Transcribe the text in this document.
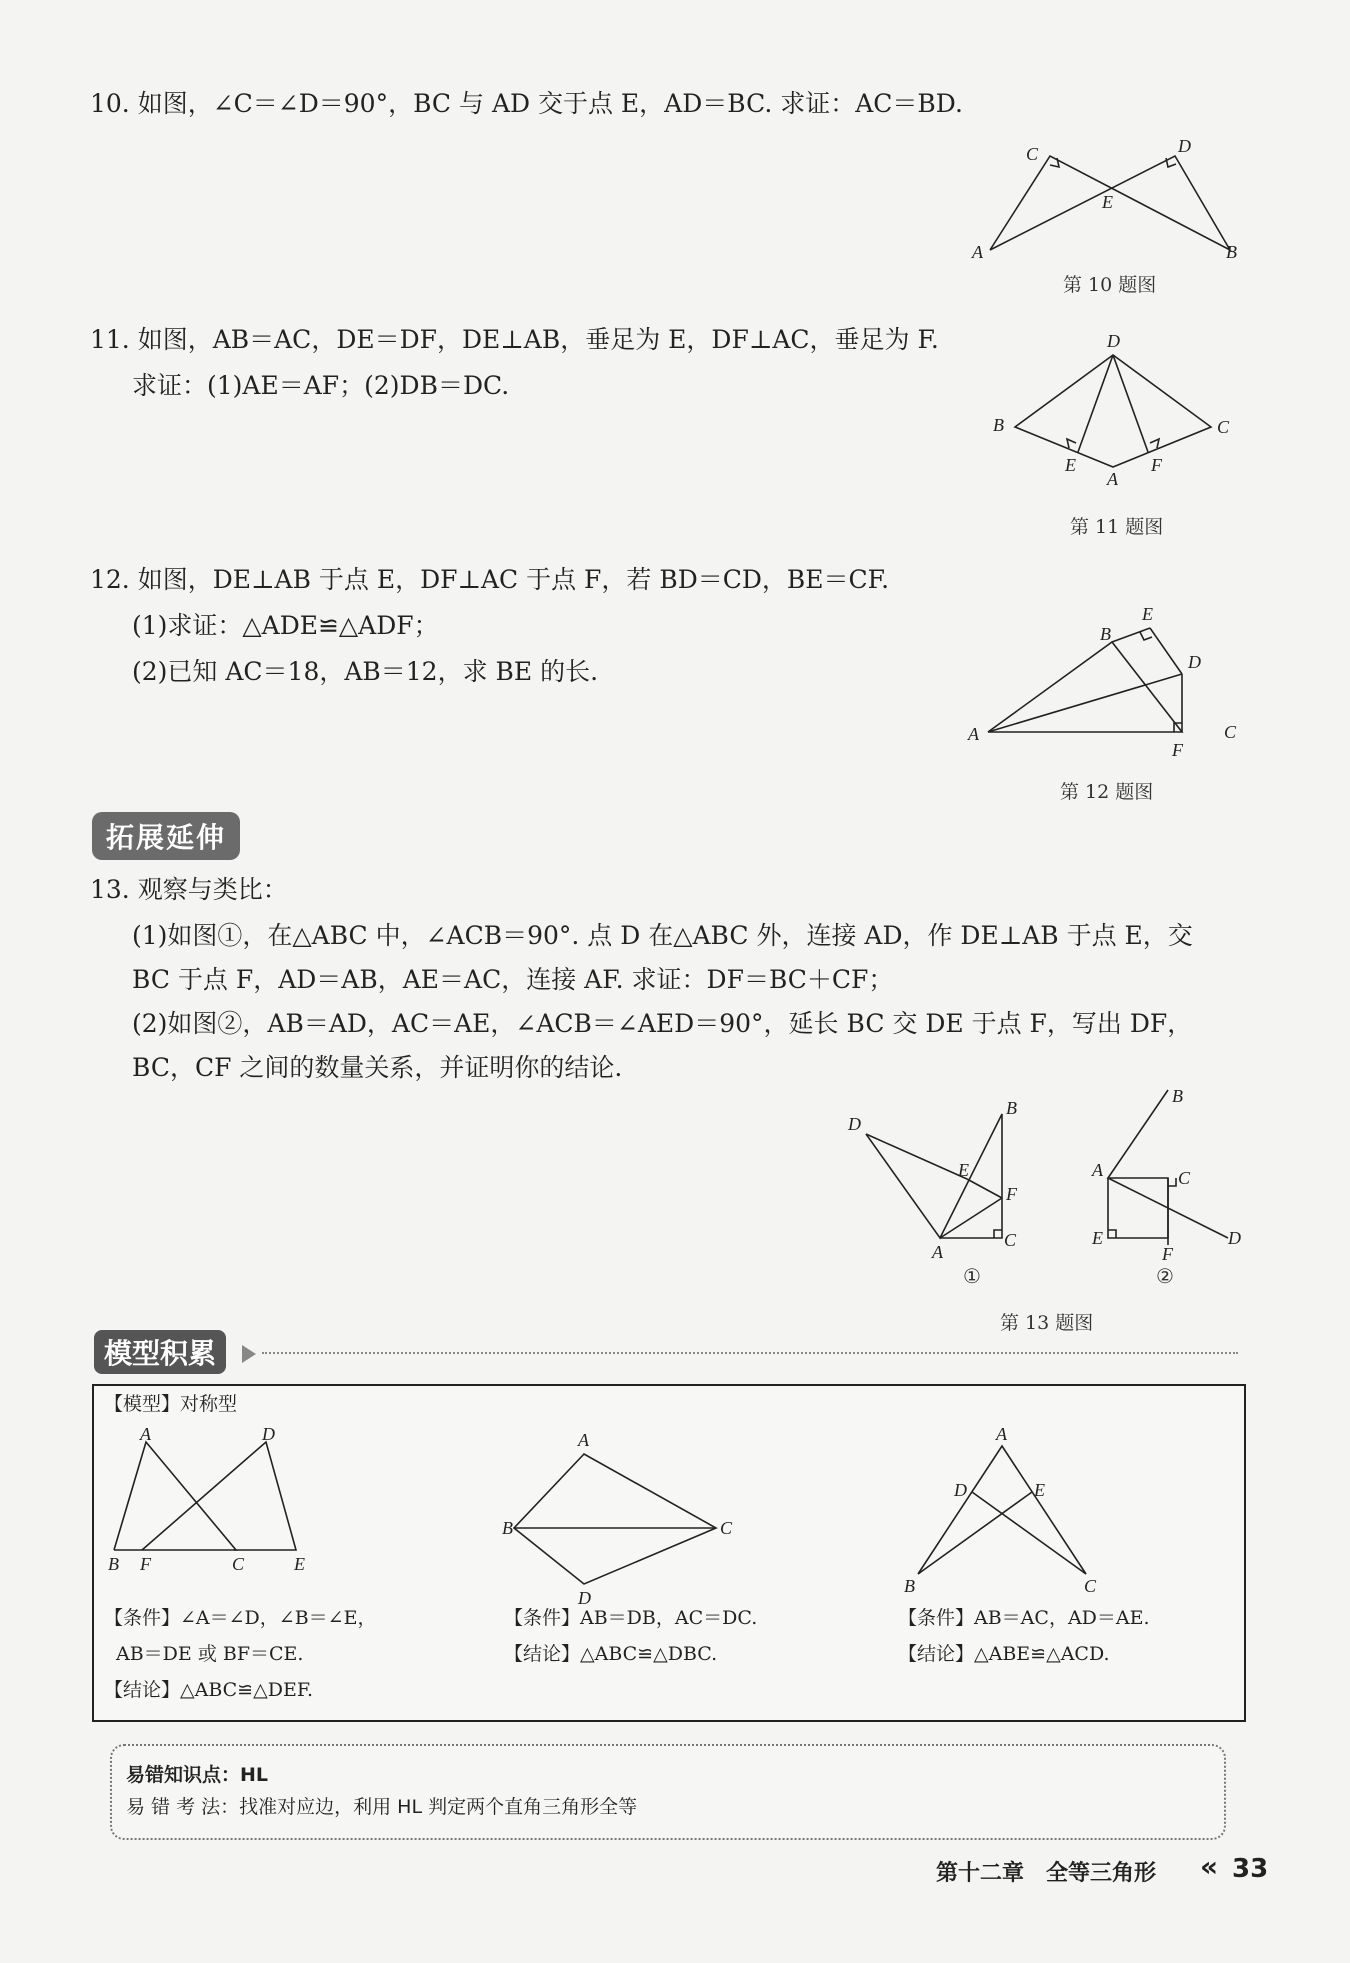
10. 如图，∠C＝∠D＝90°，BC 与 AD 交于点 E，AD＝BC. 求证：AC＝BD.
C	D
E
A	B
第 10 题图
11. 如图，AB＝AC，DE＝DF，DE⊥AB，垂足为 E，DF⊥AC，垂足为 F.
求证：(1)AE＝AF；(2)DB＝DC.
D
B	C
E
A
F
第 11 题图
12. 如图，DE⊥AB 于点 E，DF⊥AC 于点 F，若 BD＝CD，BE＝CF.
(1)求证：△ADE≌△ADF；
(2)已知 AC＝18，AB＝12，求 BE 的长.
E
B
D
A	C
F
第 12 题图
拓展延伸
13. 观察与类比：
(1)如图①，在△ABC 中，∠ACB＝90°. 点 D 在△ABC 外，连接 AD，作 DE⊥AB 于点 E，交
BC 于点 F，AD＝AB，AE＝AC，连接 AF. 求证：DF＝BC＋CF；
(2)如图②，AB＝AD，AC＝AE，∠ACB＝∠AED＝90°，延长 BC 交 DE 于点 F，写出 DF，
BC，CF 之间的数量关系，并证明你的结论.
D
B
E
F
A
C
B
A	C
E
F
D
①	②
第 13 题图
模型积累
【模型】对称型
A	D
B F	C	E
A
B	C
D
A
D	E
B	C
【条件】∠A＝∠D，∠B＝∠E，
AB＝DE 或 BF＝CE.
【结论】△ABC≌△DEF.
【条件】AB＝DB，AC＝DC.
【结论】△ABC≌△DBC.
【条件】AB＝AC，AD＝AE.
【结论】△ABE≌△ACD.
易错知识点：HL
易 错 考 法：找准对应边，利用 HL 判定两个直角三角形全等
第十二章　全等三角形 « 33
